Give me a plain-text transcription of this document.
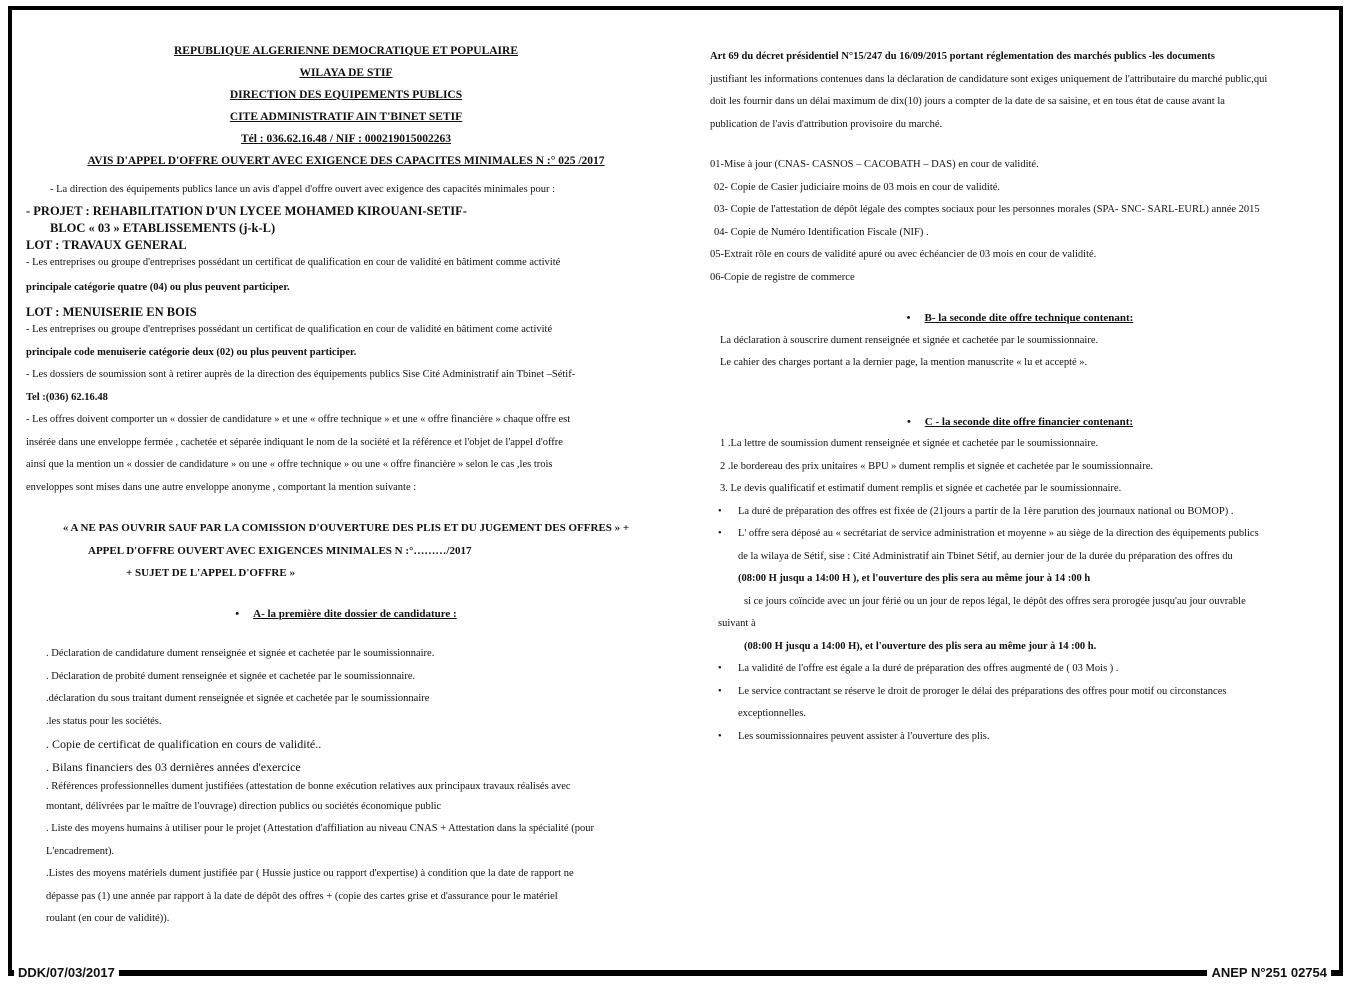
REPUBLIQUE ALGERIENNE DEMOCRATIQUE ET POPULAIRE
WILAYA DE STIF
DIRECTION DES EQUIPEMENTS PUBLICS
CITE ADMINISTRATIF AIN T'BINET SETIF
Tél : 036.62.16.48 / NIF : 000219015002263
AVIS D'APPEL D'OFFRE OUVERT AVEC EXIGENCE DES CAPACITES MINIMALES N :° 025 /2017

- La direction des équipements publics lance un avis d'appel d'offre ouvert avec exigence des capacités minimales pour :

- PROJET : REHABILITATION D'UN LYCEE MOHAMED KIROUANI-SETIF-

BLOC « 03 » ETABLISSEMENTS (j-k-L)

LOT : TRAVAUX GENERAL

- Les entreprises ou groupe d'entreprises possédant un certificat de qualification en cour de validité en bâtiment comme activité

principale catégorie quatre (04) ou plus peuvent participer.

LOT : MENUISERIE EN BOIS

- Les entreprises ou groupe d'entreprises possédant un certificat de qualification en cour de validité en bâtiment come activité

principale code menuiserie catégorie deux (02) ou plus peuvent participer.

- Les dossiers de soumission sont à retirer auprès de la direction des équipements publics Sise Cité Administratif ain Tbinet –Sétif-

Tel :(036) 62.16.48

- Les offres doivent comporter un « dossier de candidature » et une « offre technique » et une « offre financière » chaque offre est

insérée dans une enveloppe fermée , cachetée et séparée indiquant le nom de la société et la référence et l'objet de l'appel d'offre

ainsi que la mention un « dossier de candidature » ou une « offre technique » ou une « offre financière » selon le cas ,les trois

enveloppes sont mises dans une autre enveloppe anonyme , comportant la mention suivante :

« A NE PAS OUVRIR SAUF PAR LA COMISSION D'OUVERTURE DES PLIS ET DU JUGEMENT DES OFFRES » +

APPEL D'OFFRE OUVERT AVEC EXIGENCES MINIMALES N :°………/2017

+ SUJET DE L'APPEL D'OFFRE »

• A- la première dite dossier de candidature :

. Déclaration de candidature dument renseignée et signée et cachetée par le soumissionnaire.

. Déclaration de probité dument renseignée et signée et cachetée par le soumissionnaire.

.déclaration du sous traitant dument renseignée et signée et cachetée par le soumissionnaire

.les status pour les sociétés.

. Copie de certificat de qualification en cours de validité..

. Bilans financiers des 03 dernières années d'exercice

. Références professionnelles dument justifiées (attestation de bonne exécution relatives aux principaux travaux réalisés avec

montant, délivrées par le maître de l'ouvrage) direction publics ou sociétés économique public

. Liste des moyens humains à utiliser pour le projet (Attestation d'affiliation au niveau CNAS + Attestation dans la spécialité (pour

L'encadrement).

.Listes des moyens matériels dument justifiée par ( Hussie justice ou rapport d'expertise) à condition que la date de rapport ne

dépasse pas (1) une année par rapport à la date de dépôt des offres + (copie des cartes grise et d'assurance pour le matériel

roulant (en cour de validité)).

Art 69 du décret présidentiel N°15/247 du 16/09/2015 portant réglementation des marchés publics -les documents

justifiant les informations contenues dans la déclaration de candidature sont exiges uniquement de l'attributaire du marché public,qui

doit les fournir dans un délai maximum de dix(10) jours a compter de la date de sa saisine, et en tous état de cause avant la

publication de l'avis d'attribution provisoire du marché.

01-Mise à jour (CNAS- CASNOS – CACOBATH – DAS) en cour de validité.

02- Copie de Casier judiciaire moins de 03 mois en cour de validité.

03- Copie de l'attestation de dépôt légale des comptes sociaux pour les personnes morales (SPA- SNC- SARL-EURL) année 2015

04- Copie de Numéro Identification Fiscale (NIF) .

05-Extrait rôle en cours de validité apuré ou avec échéancier de 03 mois en cour de validité.

06-Copie de registre de commerce

• B- la seconde dite offre technique contenant:

La déclaration à souscrire dument renseignée et signée et cachetée par le soumissionnaire.

Le cahier des charges portant a la dernier page, la mention manuscrite « lu et accepté ».

• C - la seconde dite offre financier contenant:

1 .La lettre de soumission dument renseignée et signée et cachetée par le soumissionnaire.

2 .le bordereau des prix unitaires « BPU » dument remplis et signée et cachetée par le soumissionnaire.

3. Le devis qualificatif et estimatif dument remplis et signée et cachetée par le soumissionnaire.

• La duré de préparation des offres est fixée de (21jours a partir de la 1ère parution des journaux national ou BOMOP) .

• L' offre sera déposé au « secrétariat de service administration et moyenne » au siège de la direction des équipements publics

de la wilaya de Sétif, sise : Cité Administratif ain Tbinet Sétif, au dernier jour de la durée du préparation des offres du

(08:00 H jusqu a 14:00 H ), et l'ouverture des plis sera au même jour à 14 :00 h

si ce jours coïncide avec un jour férié ou un jour de repos légal, le dépôt des offres sera prorogée jusqu'au jour ouvrable

suivant à

(08:00 H jusqu a 14:00 H), et l'ouverture des plis sera au même jour à 14 :00 h.

• La validité de l'offre est égale a la duré de préparation des offres augmenté de ( 03 Mois ) .

• Le service contractant se réserve le droit de proroger le délai des préparations des offres pour motif ou circonstances

exceptionnelles.

• Les soumissionnaires peuvent assister à l'ouverture des plis.

DDK/07/03/2017	ANEP N°251 02754
